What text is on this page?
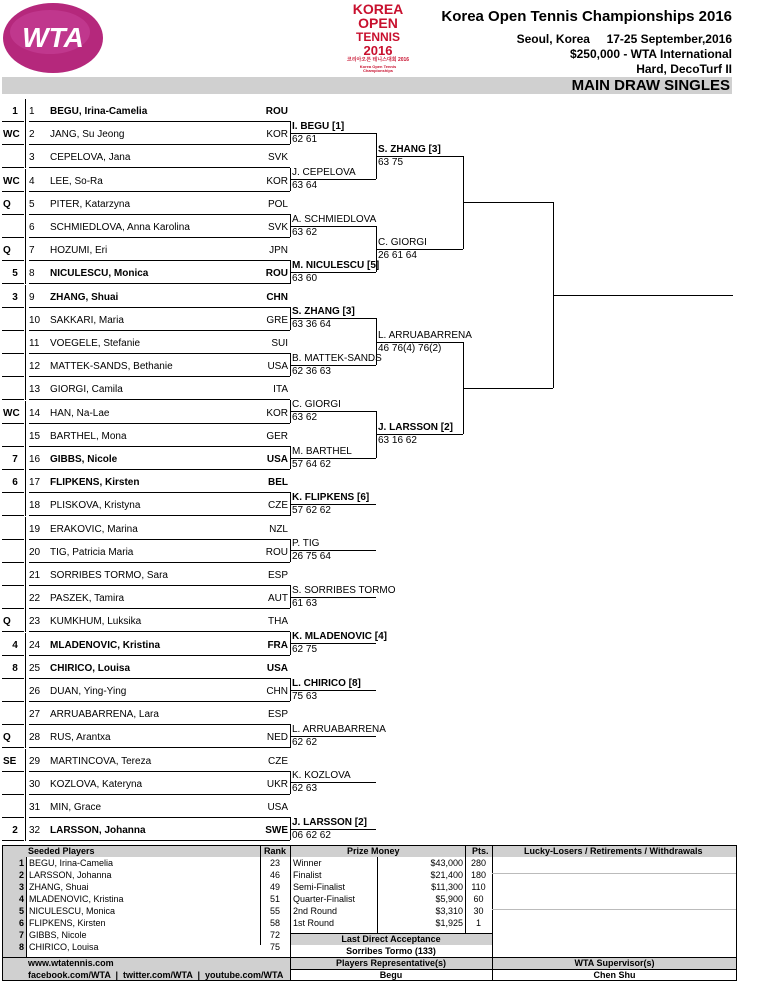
WTA
KOREA
OPEN
TENNIS
2016
코리아오픈 테니스대회 2016
Korea Open Tennis Championships
Korea Open Tennis Championships 2016
Seoul, Korea     17-25 September,2016
$250,000 - WTA International
Hard, DecoTurf II
MAIN DRAW SINGLES
1	1 BEGU, Irina-Camelia	ROU
WC 2 JANG, Su Jeong	KOR
3 CEPELOVA, Jana	SVK
WC 4 LEE, So-Ra	KOR
Q	5 PITER, Katarzyna	POL
6 SCHMIEDLOVA, Anna Karolina	SVK
Q	7 HOZUMI, Eri	JPN
5	8 NICULESCU, Monica	ROU
3	9 ZHANG, Shuai	CHN
10 SAKKARI, Maria	GRE
11 VOEGELE, Stefanie	SUI
12 MATTEK-SANDS, Bethanie	USA
13 GIORGI, Camila	ITA
WC 14 HAN, Na-Lae	KOR
15 BARTHEL, Mona	GER
7	16 GIBBS, Nicole	USA
6	17 FLIPKENS, Kirsten	BEL
18 PLISKOVA, Kristyna	CZE
19 ERAKOVIC, Marina	NZL
20 TIG, Patricia Maria	ROU
21 SORRIBES TORMO, Sara	ESP
22 PASZEK, Tamira	AUT
Q	23 KUMKHUM, Luksika	THA
4	24 MLADENOVIC, Kristina	FRA
8	25 CHIRICO, Louisa	USA
26 DUAN, Ying-Ying	CHN
27 ARRUABARRENA, Lara	ESP
Q	28 RUS, Arantxa	NED
SE	29 MARTINCOVA, Tereza	CZE
30 KOZLOVA, Kateryna	UKR
31 MIN, Grace	USA
2	32 LARSSON, Johanna	SWE
I. BEGU [1]
62 61
J. CEPELOVA
63 64
A. SCHMIEDLOVA
63 62
M. NICULESCU [5]
63 60
S. ZHANG [3]
63 36 64
B. MATTEK-SANDS
62 36 63
C. GIORGI
63 62
M. BARTHEL
57 64 62
K. FLIPKENS [6]
57 62 62
P. TIG
26 75 64
S. SORRIBES TORMO
61 63
K. MLADENOVIC [4]
62 75
L. CHIRICO [8]
75 63
L. ARRUABARRENA
62 62
K. KOZLOVA
62 63
J. LARSSON [2]
06 62 62
S. ZHANG [3]
63 75
C. GIORGI
26 61 64
L. ARRUABARRENA
46 76(4) 76(2)
J. LARSSON [2]
63 16 62
Seeded Players	Rank	Prize Money	Pts.	Lucky-Losers / Retirements / Withdrawals
1 BEGU, Irina-Camelia	23
2 LARSSON, Johanna	46
3 ZHANG, Shuai	49
4 MLADENOVIC, Kristina	51
5 NICULESCU, Monica	55
6 FLIPKENS, Kirsten	58
7 GIBBS, Nicole	72
8 CHIRICO, Louisa	75
Winner	$43,000 280
Finalist	$21,400 180
Semi-Finalist	$11,300 110
Quarter-Finalist	$5,900	60
2nd Round	$3,310	30
1st Round	$1,925	1
Last Direct Acceptance
Sorribes Tormo (133)
www.wtatennis.com	Players Representative(s)	WTA Supervisor(s)
facebook.com/WTA  |  twitter.com/WTA  |  youtube.com/WTA	Begu	Chen Shu
